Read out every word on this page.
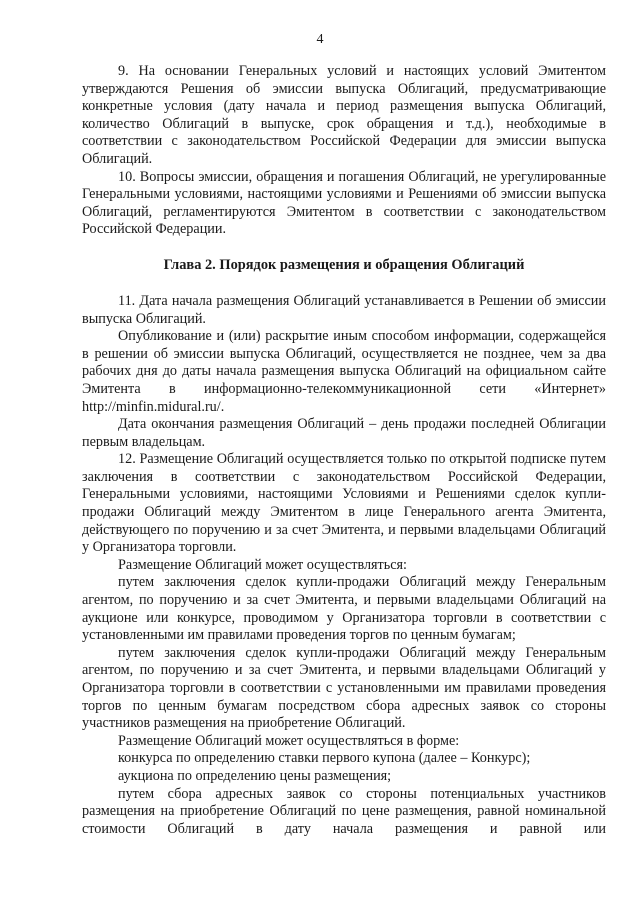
4

9. На основании Генеральных условий и настоящих условий Эмитентом утверждаются Решения об эмиссии выпуска Облигаций, предусматривающие конкретные условия (дату начала и период размещения выпуска Облигаций, количество Облигаций в выпуске, срок обращения и т.д.), необходимые в соответствии с законодательством Российской Федерации для эмиссии выпуска Облигаций.

10. Вопросы эмиссии, обращения и погашения Облигаций, не урегулированные Генеральными условиями, настоящими условиями и Решениями об эмиссии выпуска Облигаций, регламентируются Эмитентом в соответствии с законодательством Российской Федерации.

Глава 2. Порядок размещения и обращения Облигаций

11. Дата начала размещения Облигаций устанавливается в Решении об эмиссии выпуска Облигаций.

Опубликование и (или) раскрытие иным способом информации, содержащейся в решении об эмиссии выпуска Облигаций, осуществляется не позднее, чем за два рабочих дня до даты начала размещения выпуска Облигаций на официальном сайте Эмитента в информационно-телекоммуникационной сети «Интернет» http://minfin.midural.ru/.

Дата окончания размещения Облигаций – день продажи последней Облигации первым владельцам.

12. Размещение Облигаций осуществляется только по открытой подписке путем заключения в соответствии с законодательством Российской Федерации, Генеральными условиями, настоящими Условиями и Решениями сделок купли-продажи Облигаций между Эмитентом в лице Генерального агента Эмитента, действующего по поручению и за счет Эмитента, и первыми владельцами Облигаций у Организатора торговли.

Размещение Облигаций может осуществляться:

путем заключения сделок купли-продажи Облигаций между Генеральным агентом, по поручению и за счет Эмитента, и первыми владельцами Облигаций на аукционе или конкурсе, проводимом у Организатора торговли в соответствии с установленными им правилами проведения торгов по ценным бумагам;

путем заключения сделок купли-продажи Облигаций между Генеральным агентом, по поручению и за счет Эмитента, и первыми владельцами Облигаций у Организатора торговли в соответствии с установленными им правилами проведения торгов по ценным бумагам посредством сбора адресных заявок со стороны участников размещения на приобретение Облигаций.

Размещение Облигаций может осуществляться в форме:

конкурса по определению ставки первого купона (далее – Конкурс);

аукциона по определению цены размещения;

путем сбора адресных заявок со стороны потенциальных участников размещения на приобретение Облигаций по цене размещения, равной номинальной стоимости Облигаций в дату начала размещения и равной или
